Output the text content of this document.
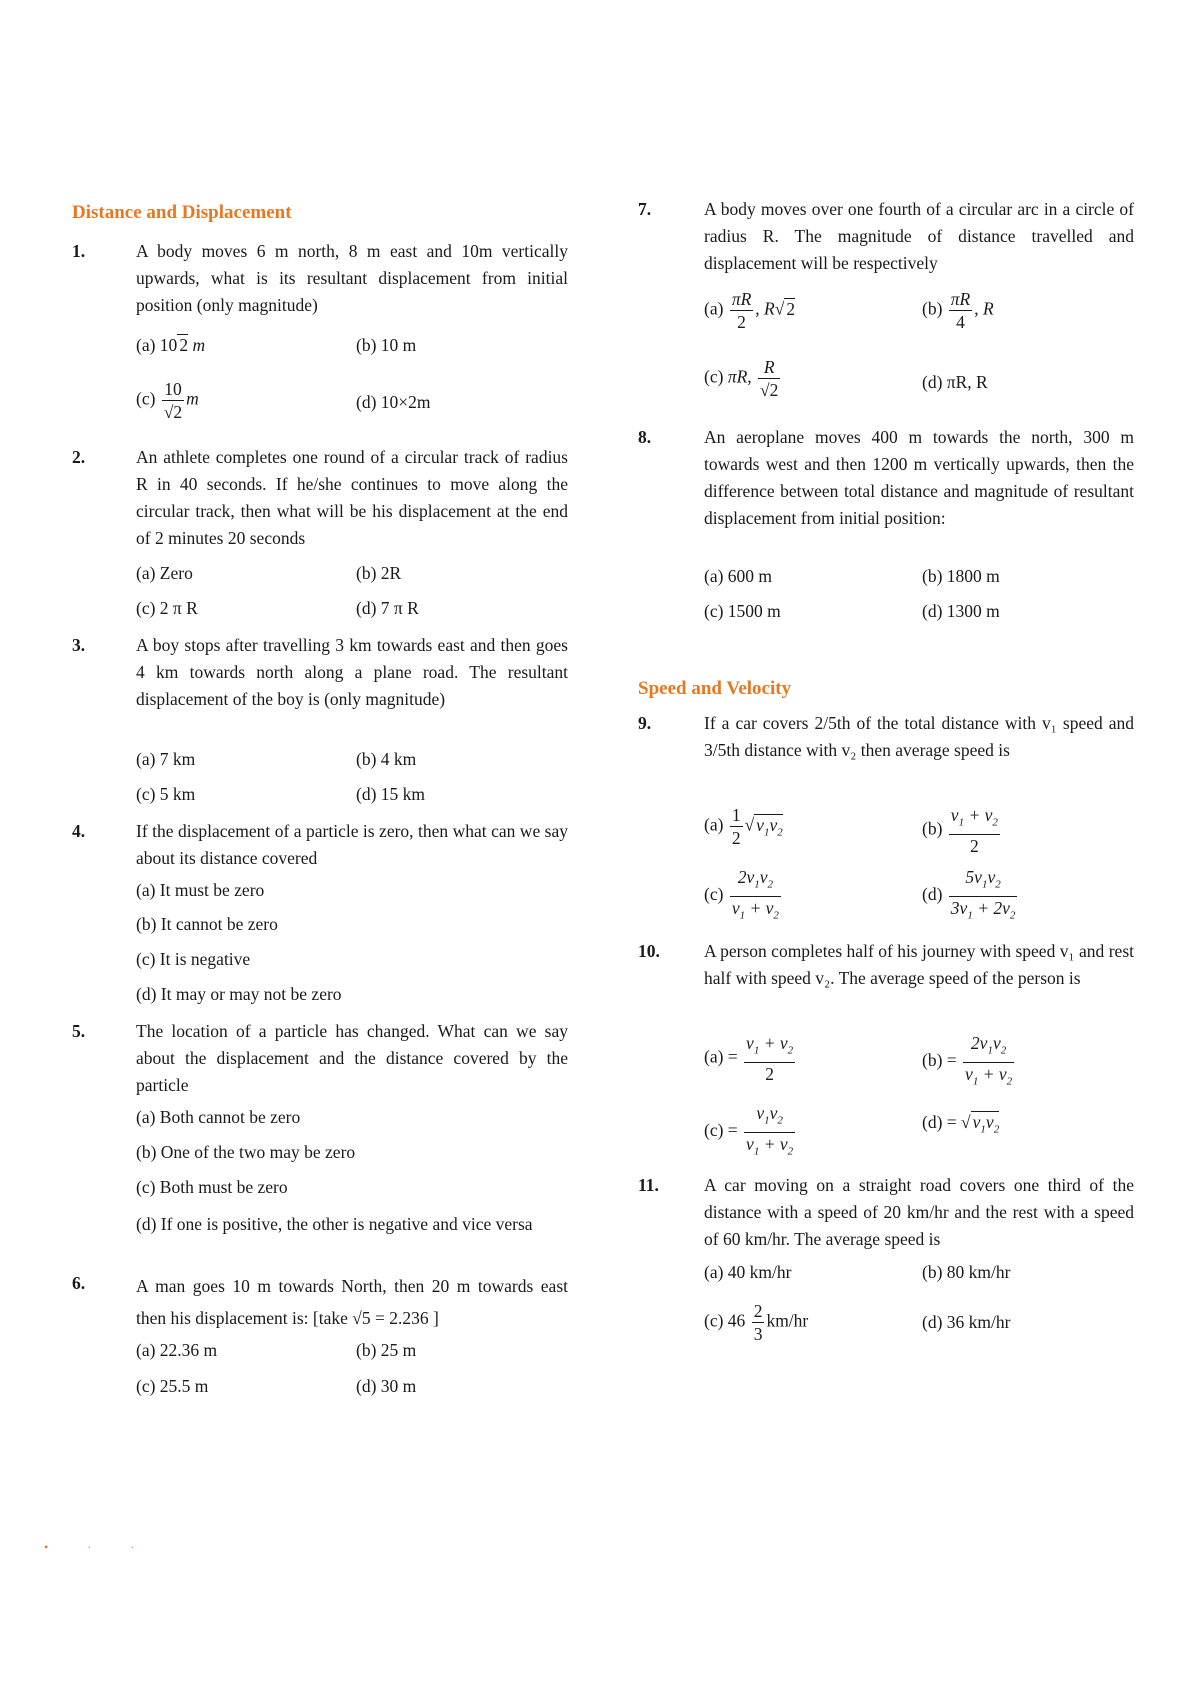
Distance and Displacement
1.	A body moves 6 m north, 8 m east and 10m vertically upwards, what is its resultant displacement from initial position (only magnitude)
(a) 10 2 m	(b) 10 m
$(c) \frac{10}{√2}$ m	(d) 10×2m
2.	An athlete completes one round of a circular track of radius R in 40 seconds. If he/she continues to move along the circular track, then what will be his displacement at the end of 2 minutes 20 seconds
(a) Zero	(b) 2R
(c) 2 π R	(d) 7 π R
3.	A boy stops after travelling 3 km towards east and then goes 4 km towards north along a plane road. The resultant displacement of the boy is (only magnitude)
(a) 7 km	(b) 4 km
(c) 5 km	(d) 15 km
4.	If the displacement of a particle is zero, then what can we say about its distance covered
(a) It must be zero
(b) It cannot be zero
(c) It is negative
(d) It may or may not be zero
5.	The location of a particle has changed. What can we say about the displacement and the distance covered by the particle
(a) Both cannot be zero
(b) One of the two may be zero
(c) Both must be zero
(d) If one is positive, the other is negative and vice versa
6.	A man goes 10 m towards North, then 20 m towards east then his displacement is: [take √5 = 2.236 ]
(a) 22.36 m	(b) 25 m
(c) 25.5 m	(d) 30 m
7.	A body moves over one fourth of a circular arc in a circle of radius R. The magnitude of distance travelled and displacement will be respectively
$(a) \frac{\pi R}{2}$ , R√ 2	$(b) \frac{\pi R}{4}$ , R
(c) πR, $\frac{R}{√2}$	(d) πR, R
8.	An aeroplane moves 400 m towards the north, 300 m towards west and then 1200 m vertically upwards, then the difference between total distance and magnitude of resultant displacement from initial position:
(a) 600 m	(b) 1800 m
(c) 1500 m	(d) 1300 m
Speed and Velocity
9.	If a car covers 2/5th of the total distance with v₁ speed and 3/5th distance with v₂ then average speed is
$(a) \frac{1}{2}$ √ $v_1v_2$	$(b) \frac{v_1 + v_2}{2}$
$(c) \frac{2v_1v_2}{v_1 + v_2}$	$(d) \frac{5v_1v_2}{3v_1 + 2v_2}$
10.	A person completes half of his journey with speed v₁ and rest half with speed v₂. The average speed of the person is
$(a) = \frac{v_1 + v_2}{2}$	$(b) = \frac{2v_1v_2}{v_1 + v_2}$
$(c) = \frac{v_1v_2}{v_1 + v_2}$	(d) = √ $v_1v_2$
11.	A car moving on a straight road covers one third of the distance with a speed of 20 km/hr and the rest with a speed of 60 km/hr. The average speed is
(a) 40 km/hr	(b) 80 km/hr
(c) $46 \frac{2}{3} km/hr$	(d) 36 km/hr
• · ·
